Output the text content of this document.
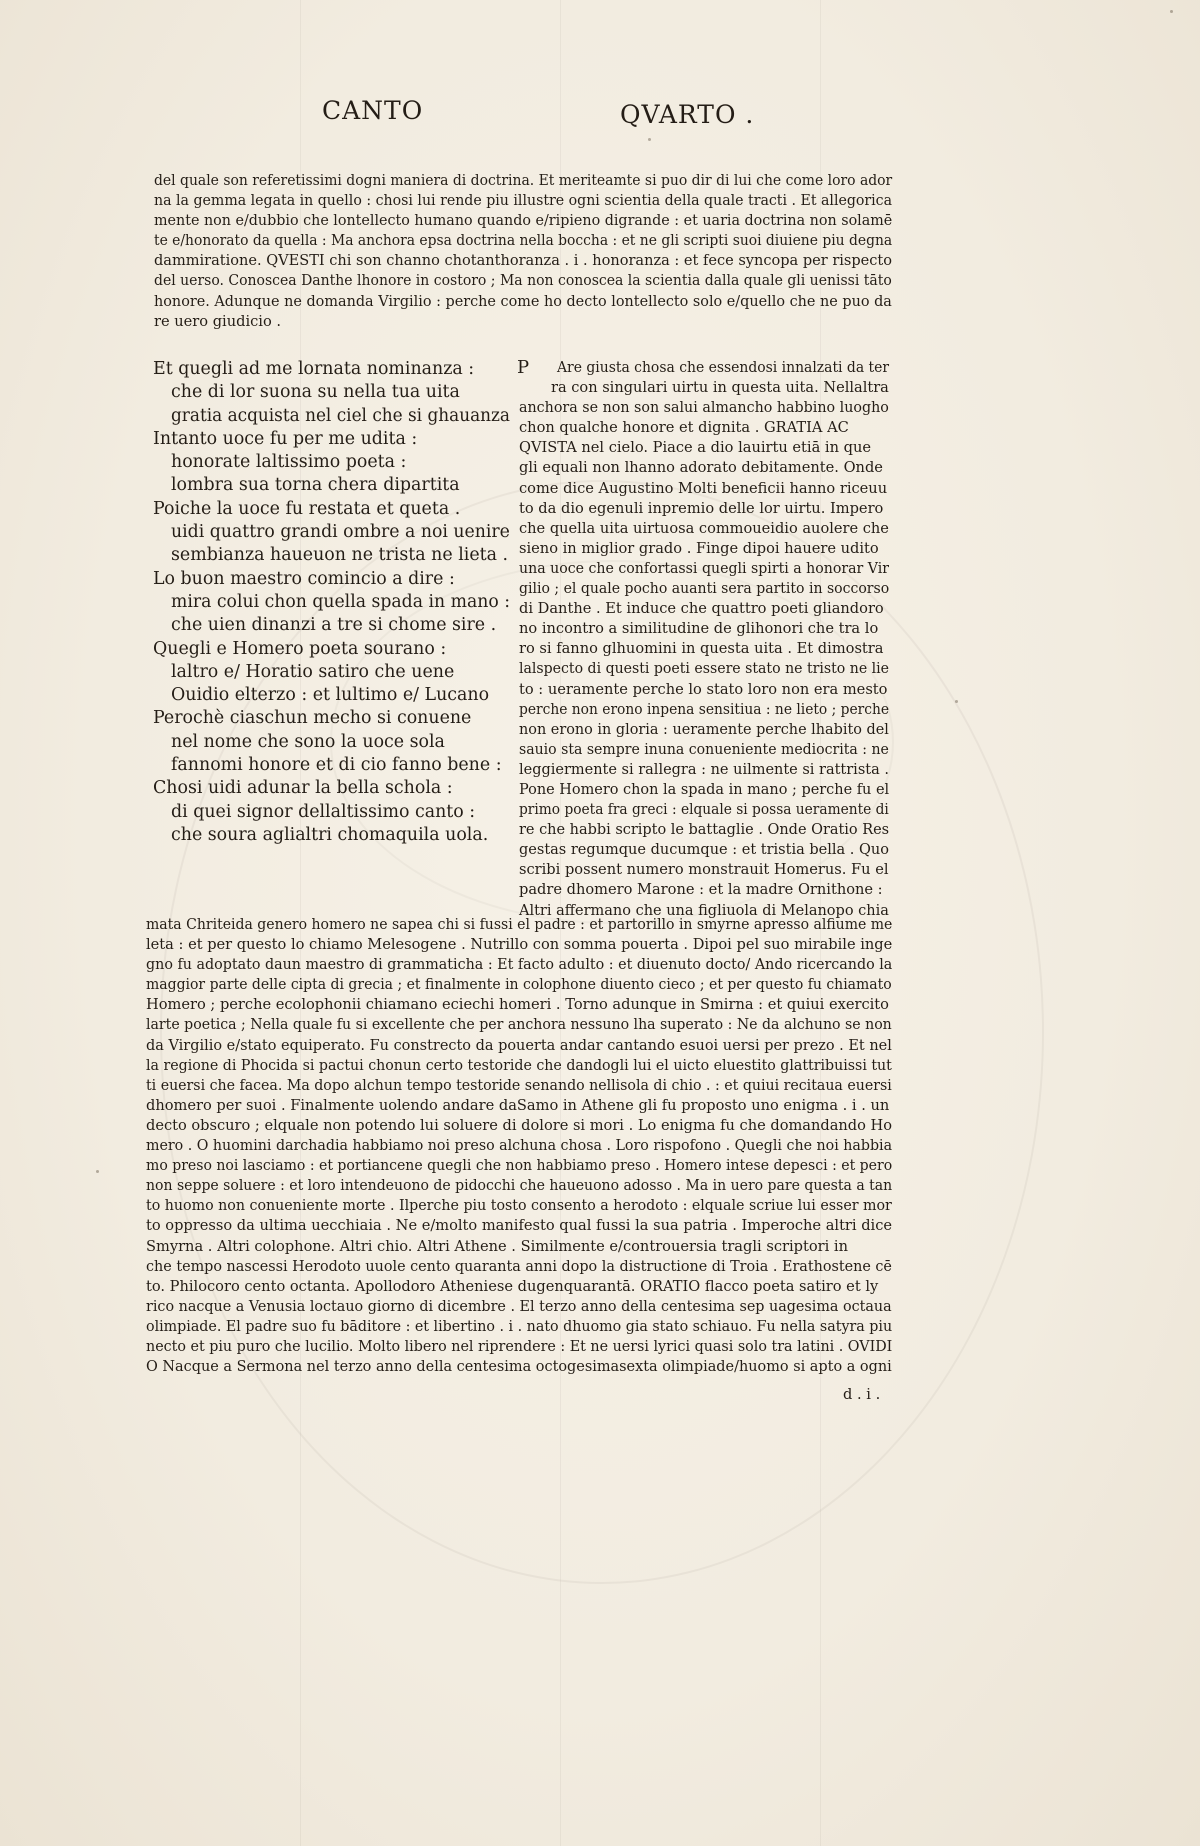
CANTO	QVARTO .
del quale son referetissimi dogni maniera di doctrina. Et meriteamte si puo dir di lui che come loro ador
na la gemma legata in quello : chosi lui rende piu illustre ogni scientia della quale tracti . Et allegorica
mente non e/dubbio che lontellecto humano quando e/ripieno digrande : et uaria doctrina non solamē
te e/honorato da quella : Ma anchora epsa doctrina nella boccha : et ne gli scripti suoi diuiene piu degna
dammiratione. QVESTI chi son channo chotanthoranza . i . honoranza : et fece syncopa per rispecto
del uerso. Conoscea Danthe lhonore in costoro ; Ma non conoscea la scientia dalla quale gli uenissi tāto
honore. Adunque ne domanda Virgilio : perche come ho decto lontellecto solo e/quello che ne puo da
re uero giudicio .
Et quegli ad me lornata nominanza :
che di lor suona su nella tua uita
gratia acquista nel ciel che si ghauanza
Intanto uoce fu per me udita :
honorate laltissimo poeta :
lombra sua torna chera dipartita
Poiche la uoce fu restata et queta .
uidi quattro grandi ombre a noi uenire
sembianza haueuon ne trista ne lieta .
Lo buon maestro comincio a dire :
mira colui chon quella spada in mano :
che uien dinanzi a tre si chome sire .
Quegli e Homero poeta sourano :
laltro e/ Horatio satiro che uene
Ouidio elterzo : et lultimo e/ Lucano
Perochè ciaschun mecho si conuene
nel nome che sono la uoce sola
fannomi honore et di cio fanno bene :
Chosi uidi adunar la bella schola :
di quei signor dellaltissimo canto :
che soura aglialtri chomaquila uola.
P	Are giusta chosa che essendosi innalzati da ter
ra con singulari uirtu in questa uita. Nellaltra
anchora se non son salui almancho habbino luogho
chon qualche honore et dignita . GRATIA AC
QVISTA nel cielo. Piace a dio lauirtu etiā in que
gli equali non lhanno adorato debitamente. Onde
come dice Augustino Molti beneficii hanno riceuu
to da dio egenuli inpremio delle lor uirtu. Impero
che quella uita uirtuosa commoueidio auolere che
sieno in miglior grado . Finge dipoi hauere udito
una uoce che confortassi quegli spirti a honorar Vir
gilio ; el quale pocho auanti sera partito in soccorso
di Danthe . Et induce che quattro poeti gliandoro
no incontro a similitudine de glihonori che tra lo
ro si fanno glhuomini in questa uita . Et dimostra
lalspecto di questi poeti essere stato ne tristo ne lie
to : ueramente perche lo stato loro non era mesto
perche non erono inpena sensitiua : ne lieto ; perche
non erono in gloria : ueramente perche lhabito del
sauio sta sempre inuna conueniente mediocrita : ne
leggiermente si rallegra : ne uilmente si rattrista .
Pone Homero chon la spada in mano ; perche fu el
primo poeta fra greci : elquale si possa ueramente di
re che habbi scripto le battaglie . Onde Oratio Res
gestas regumque ducumque : et tristia bella . Quo
scribi possent numero monstrauit Homerus. Fu el
padre dhomero Marone : et la madre Ornithone :
Altri affermano che una figliuola di Melanopo chia
mata Chriteida genero homero ne sapea chi si fussi el padre : et partorillo in smyrne apresso alfiume me
leta : et per questo lo chiamo Melesogene . Nutrillo con somma pouerta . Dipoi pel suo mirabile inge
gno fu adoptato daun maestro di grammaticha : Et facto adulto : et diuenuto docto/ Ando ricercando la
maggior parte delle cipta di grecia ; et finalmente in colophone diuento cieco ; et per questo fu chiamato
Homero ; perche ecolophonii chiamano eciechi homeri . Torno adunque in Smirna : et quiui exercito
larte poetica ; Nella quale fu si excellente che per anchora nessuno lha superato : Ne da alchuno se non
da Virgilio e/stato equiperato. Fu constrecto da pouerta andar cantando esuoi uersi per prezo . Et nel
la regione di Phocida si pactui chonun certo testoride che dandogli lui el uicto eluestito glattribuissi tut
ti euersi che facea. Ma dopo alchun tempo testoride senando nellisola di chio . : et quiui recitaua euersi
dhomero per suoi . Finalmente uolendo andare daSamo in Athene gli fu proposto uno enigma . i . un
decto obscuro ; elquale non potendo lui soluere di dolore si mori . Lo enigma fu che domandando Ho
mero . O huomini darchadia habbiamo noi preso alchuna chosa . Loro rispofono . Quegli che noi habbia
mo preso noi lasciamo : et portiancene quegli che non habbiamo preso . Homero intese depesci : et pero
non seppe soluere : et loro intendeuono de pidocchi che haueuono adosso . Ma in uero pare questa a tan
to huomo non conueniente morte . Ilperche piu tosto consento a herodoto : elquale scriue lui esser mor
to oppresso da ultima uecchiaia . Ne e/molto manifesto qual fussi la sua patria . Imperoche altri dice
Smyrna . Altri colophone. Altri chio. Altri Athene . Similmente e/controuersia tragli scriptori in
che tempo nascessi Herodoto uuole cento quaranta anni dopo la distructione di Troia . Erathostene cē
to. Philocoro cento octanta. Apollodoro Atheniese dugenquarantā. ORATIO flacco poeta satiro et ly
rico nacque a Venusia loctauo giorno di dicembre . El terzo anno della centesima sep uagesima octaua
olimpiade. El padre suo fu bāditore : et libertino . i . nato dhuomo gia stato schiauo. Fu nella satyra piu
necto et piu puro che lucilio. Molto libero nel riprendere : Et ne uersi lyrici quasi solo tra latini . OVIDI
O Nacque a Sermona nel terzo anno della centesima octogesimasexta olimpiade/huomo si apto a ogni
d . i .
